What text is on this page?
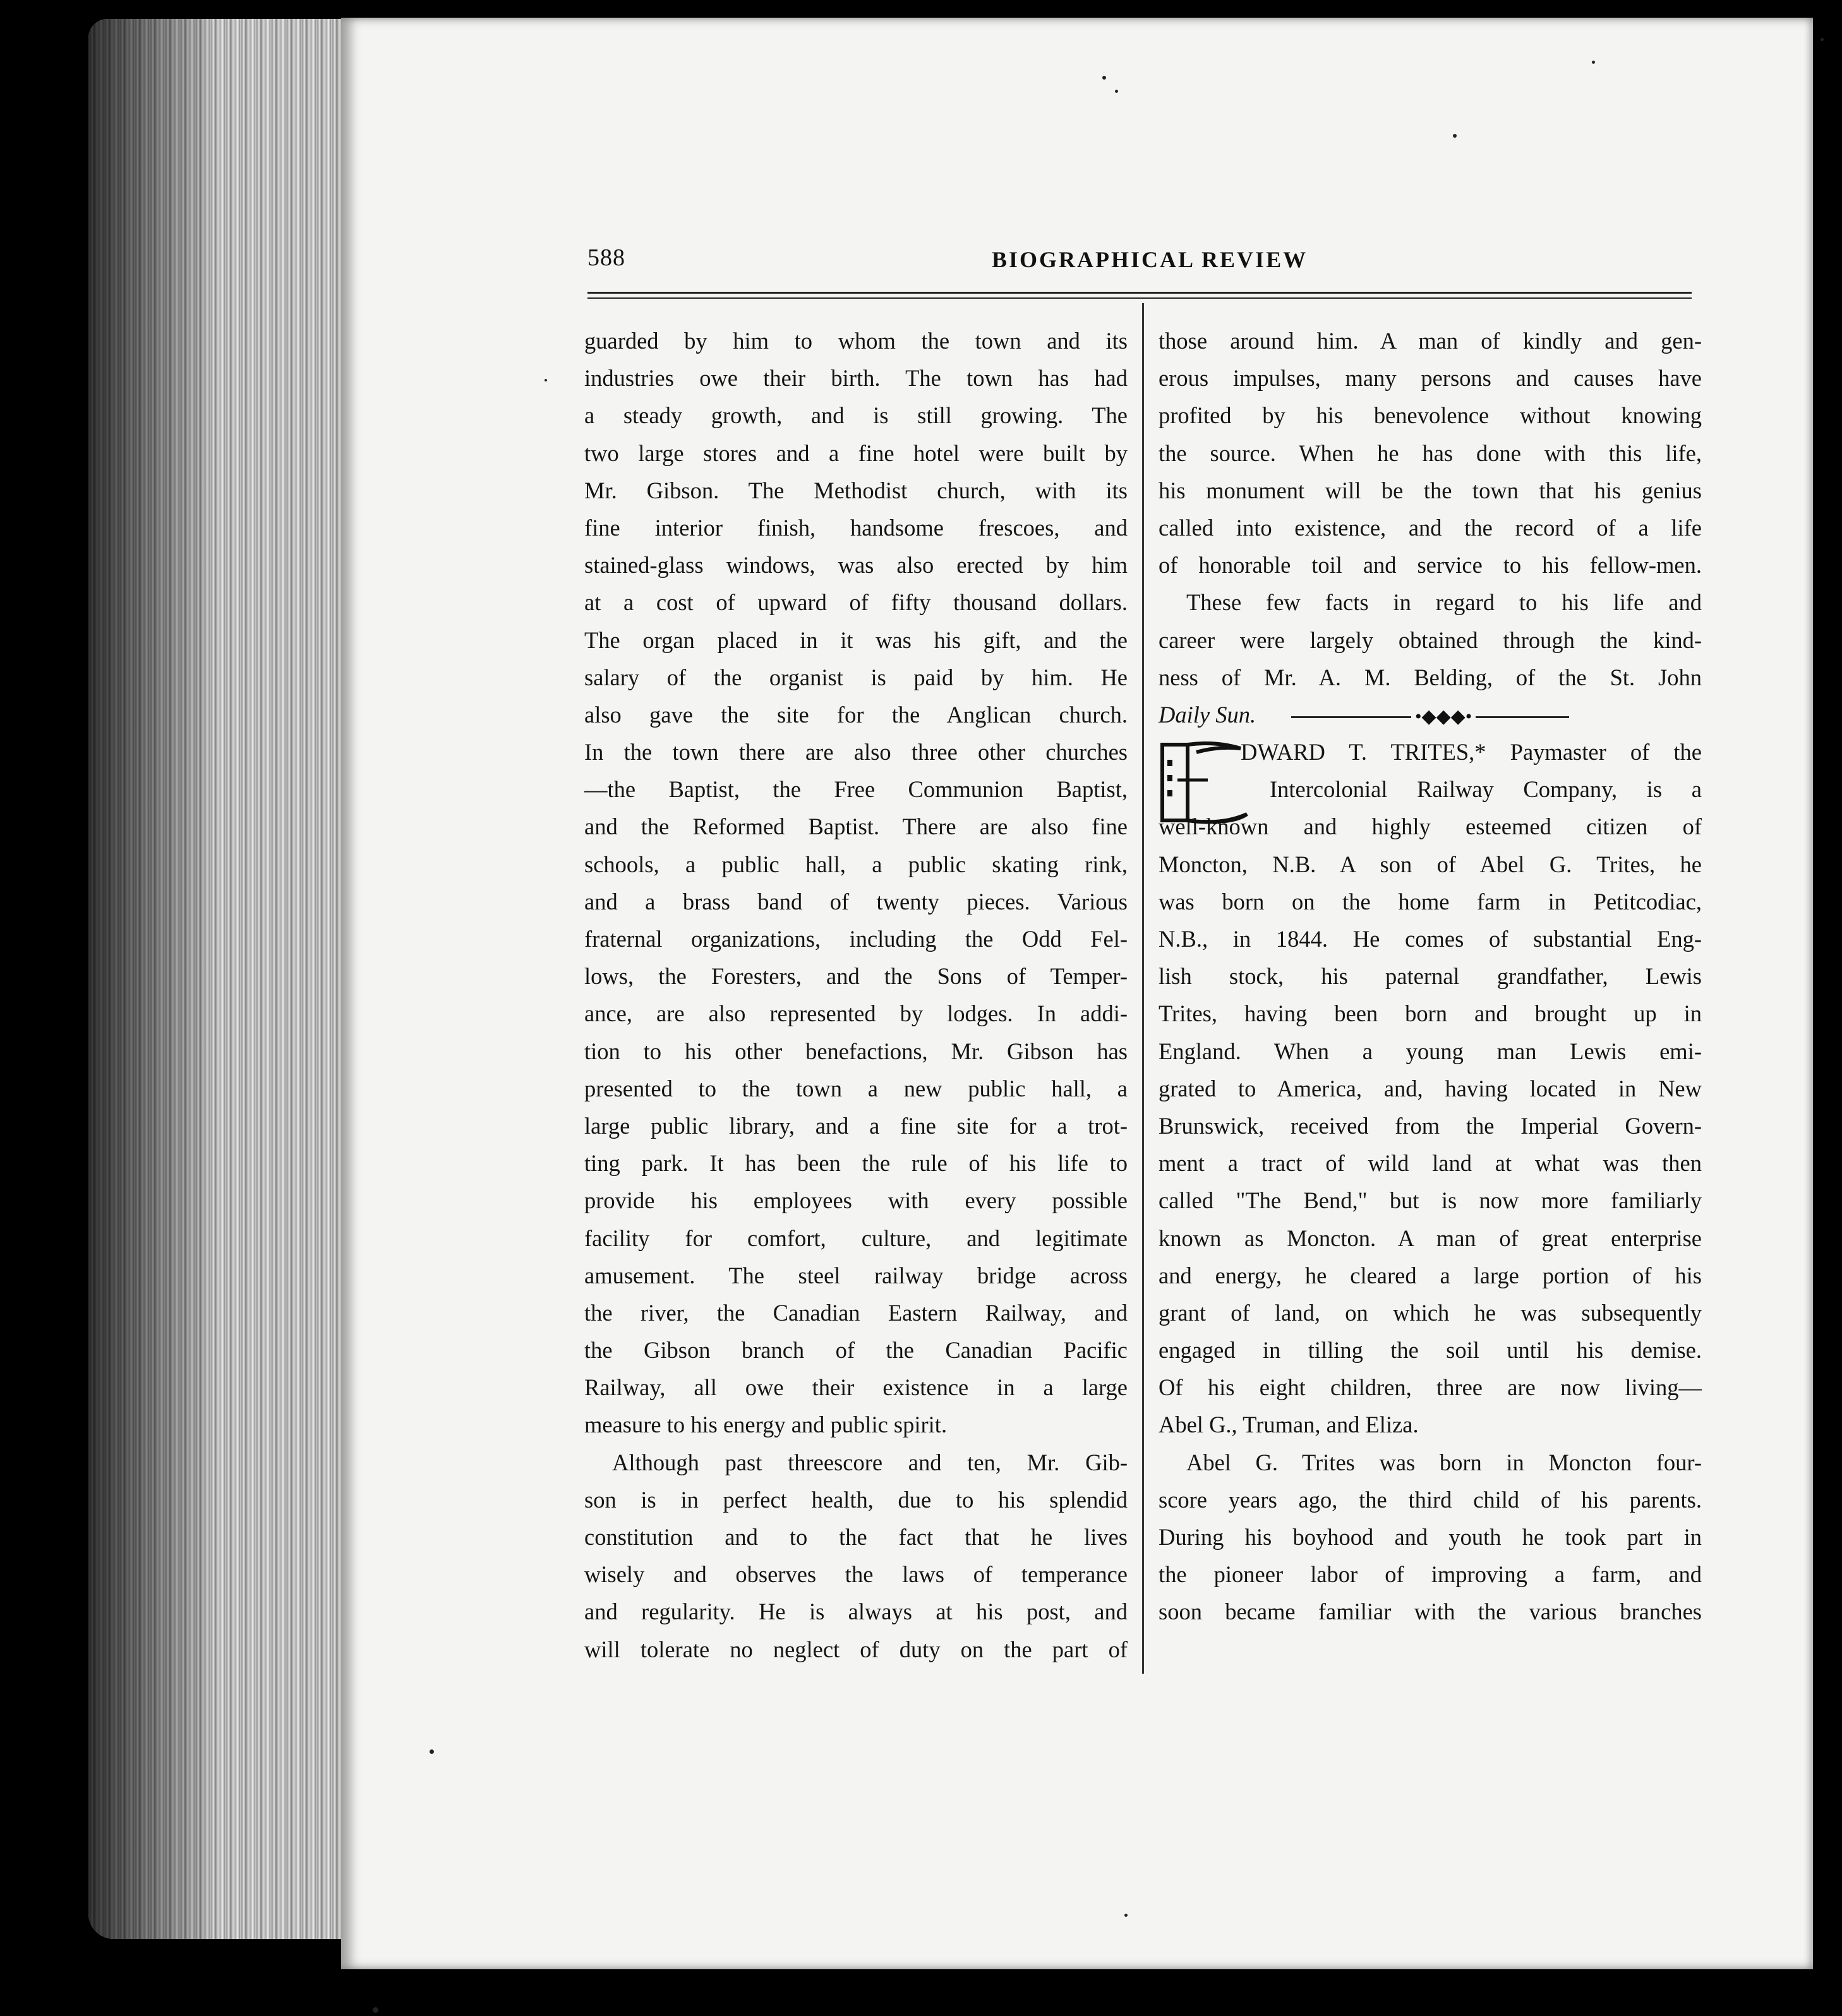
588	BIOGRAPHICAL REVIEW
guarded by him to whom the town and its
industries owe their birth. The town has had
a steady growth, and is still growing. The
two large stores and a fine hotel were built by
Mr. Gibson. The Methodist church, with its
fine interior finish, handsome frescoes, and
stained-glass windows, was also erected by him
at a cost of upward of fifty thousand dollars.
The organ placed in it was his gift, and the
salary of the organist is paid by him. He
also gave the site for the Anglican church.
In the town there are also three other churches
—the Baptist, the Free Communion Baptist,
and the Reformed Baptist. There are also fine
schools, a public hall, a public skating rink,
and a brass band of twenty pieces. Various
fraternal organizations, including the Odd Fel-
lows, the Foresters, and the Sons of Temper-
ance, are also represented by lodges. In addi-
tion to his other benefactions, Mr. Gibson has
presented to the town a new public hall, a
large public library, and a fine site for a trot-
ting park. It has been the rule of his life to
provide his employees with every possible
facility for comfort, culture, and legitimate
amusement. The steel railway bridge across
the river, the Canadian Eastern Railway, and
the Gibson branch of the Canadian Pacific
Railway, all owe their existence in a large
measure to his energy and public spirit.
Although past threescore and ten, Mr. Gib-
son is in perfect health, due to his splendid
constitution and to the fact that he lives
wisely and observes the laws of temperance
and regularity. He is always at his post, and
will tolerate no neglect of duty on the part of
those around him. A man of kindly and gen-
erous impulses, many persons and causes have
profited by his benevolence without knowing
the source. When he has done with this life,
his monument will be the town that his genius
called into existence, and the record of a life
of honorable toil and service to his fellow-men.
These few facts in regard to his life and
career were largely obtained through the kind-
ness of Mr. A. M. Belding, of the St. John
Daily Sun.	•◆◆◆•
E
DWARD T. TRITES,* Paymaster of the
Intercolonial Railway Company, is a
well-known and highly esteemed citizen of
Moncton, N.B. A son of Abel G. Trites, he
was born on the home farm in Petitcodiac,
N.B., in 1844. He comes of substantial Eng-
lish stock, his paternal grandfather, Lewis
Trites, having been born and brought up in
England. When a young man Lewis emi-
grated to America, and, having located in New
Brunswick, received from the Imperial Govern-
ment a tract of wild land at what was then
called "The Bend," but is now more familiarly
known as Moncton. A man of great enterprise
and energy, he cleared a large portion of his
grant of land, on which he was subsequently
engaged in tilling the soil until his demise.
Of his eight children, three are now living—
Abel G., Truman, and Eliza.
Abel G. Trites was born in Moncton four-
score years ago, the third child of his parents.
During his boyhood and youth he took part in
the pioneer labor of improving a farm, and
soon became familiar with the various branches
